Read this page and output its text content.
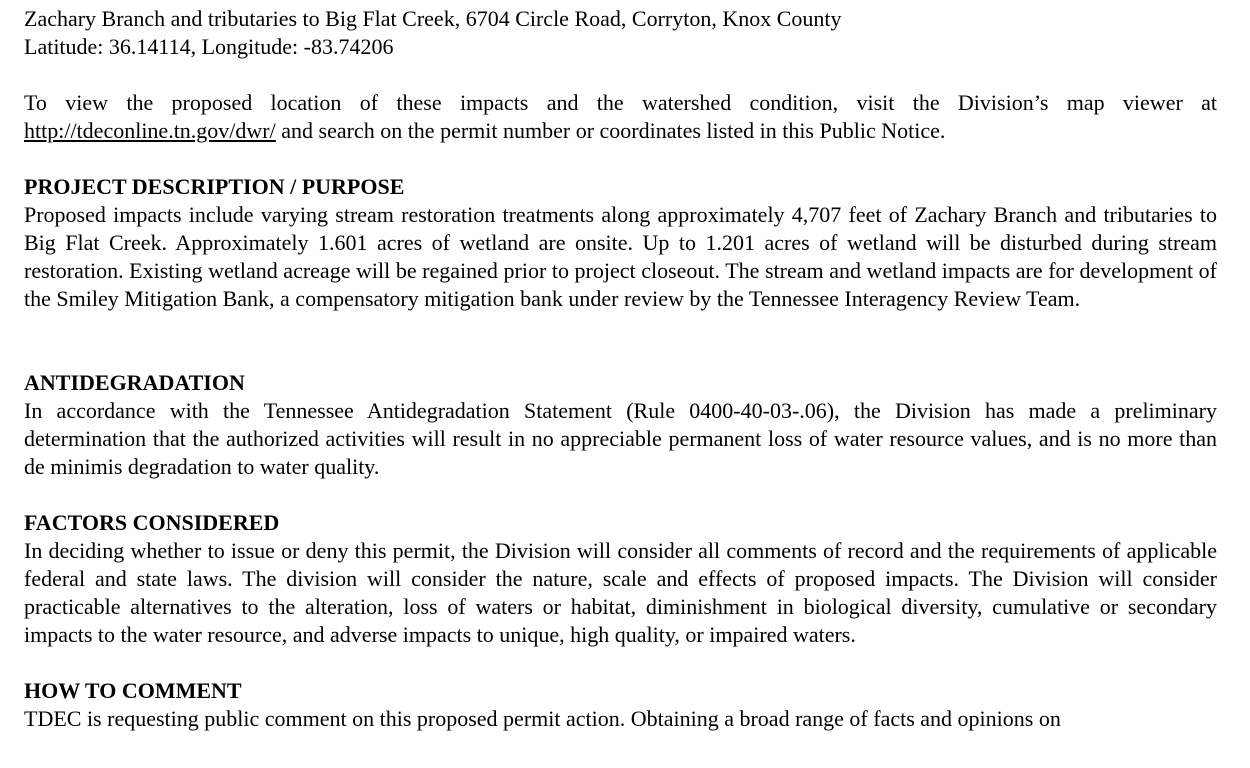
Zachary Branch and tributaries to Big Flat Creek, 6704 Circle Road, Corryton, Knox County

Latitude: 36.14114, Longitude: -83.74206

To view the proposed location of these impacts and the watershed condition, visit the Division’s map viewer at http://tdeconline.tn.gov/dwr/ and search on the permit number or coordinates listed in this Public Notice.

PROJECT DESCRIPTION / PURPOSE

Proposed impacts include varying stream restoration treatments along approximately 4,707 feet of Zachary Branch and tributaries to Big Flat Creek. Approximately 1.601 acres of wetland are onsite. Up to 1.201 acres of wetland will be disturbed during stream restoration. Existing wetland acreage will be regained prior to project closeout. The stream and wetland impacts are for development of the Smiley Mitigation Bank, a compensatory mitigation bank under review by the Tennessee Interagency Review Team.

ANTIDEGRADATION

In accordance with the Tennessee Antidegradation Statement (Rule 0400-40-03-.06), the Division has made a preliminary determination that the authorized activities will result in no appreciable permanent loss of water resource values, and is no more than de minimis degradation to water quality.

FACTORS CONSIDERED

In deciding whether to issue or deny this permit, the Division will consider all comments of record and the requirements of applicable federal and state laws. The division will consider the nature, scale and effects of proposed impacts. The Division will consider practicable alternatives to the alteration, loss of waters or habitat, diminishment in biological diversity, cumulative or secondary impacts to the water resource, and adverse impacts to unique, high quality, or impaired waters.

HOW TO COMMENT

TDEC is requesting public comment on this proposed permit action. Obtaining a broad range of facts and opinions on
